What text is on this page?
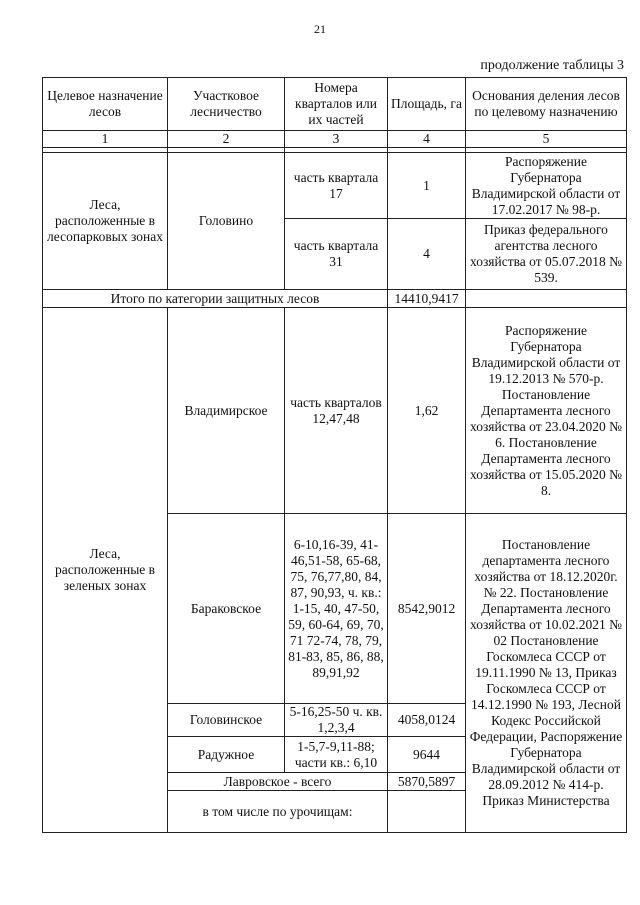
21
продолжение таблицы 3
Целевое назначение лесов	Участковое лесничество	Номера кварталов или их частей	Площадь, га	Основания деления лесов по целевому назначению
1	2	3	4	5

Леса, расположенные в лесопарковых зонах	Головино	часть квартала 17	1	Распоряжение Губернатора Владимирской области от 17.02.2017 № 98-р.
		часть квартала 31	4	Приказ федерального агентства лесного хозяйства от 05.07.2018 № 539.
Итого по категории защитных лесов			14410,9417	
Леса, расположенные в зеленых зонах	Владимирское	часть кварталов 12,47,48	1,62	Распоряжение Губернатора Владимирской области от 19.12.2013 № 570-р. Постановление Департамента лесного хозяйства от 23.04.2020 № 6. Постановление Департамента лесного хозяйства от 15.05.2020 № 8.
	Бараковское	6-10,16-39, 41-46,51-58, 65-68, 75, 76,77,80, 84, 87, 90,93, ч. кв.: 1-15, 40, 47-50, 59, 60-64, 69, 70, 71 72-74, 78, 79, 81-83, 85, 86, 88, 89,91,92	8542,9012	Постановление департамента лесного хозяйства от 18.12.2020г. № 22. Постановление Департамента лесного хозяйства от 10.02.2021 № 02 Постановление Госкомлеса СССР от 19.11.1990 № 13, Приказ Госкомлеса СССР от 14.12.1990 № 193, Лесной Кодекс Российской Федерации, Распоряжение Губернатора Владимирской области от 28.09.2012 № 414-р. Приказ Министерства
	Головинское	5-16,25-50 ч. кв. 1,2,3,4	4058,0124	
	Радужное	1-5,7-9,11-88; части кв.: 6,10	9644	
	Лавровское - всего		5870,5897	
	в том числе по урочищам:			
